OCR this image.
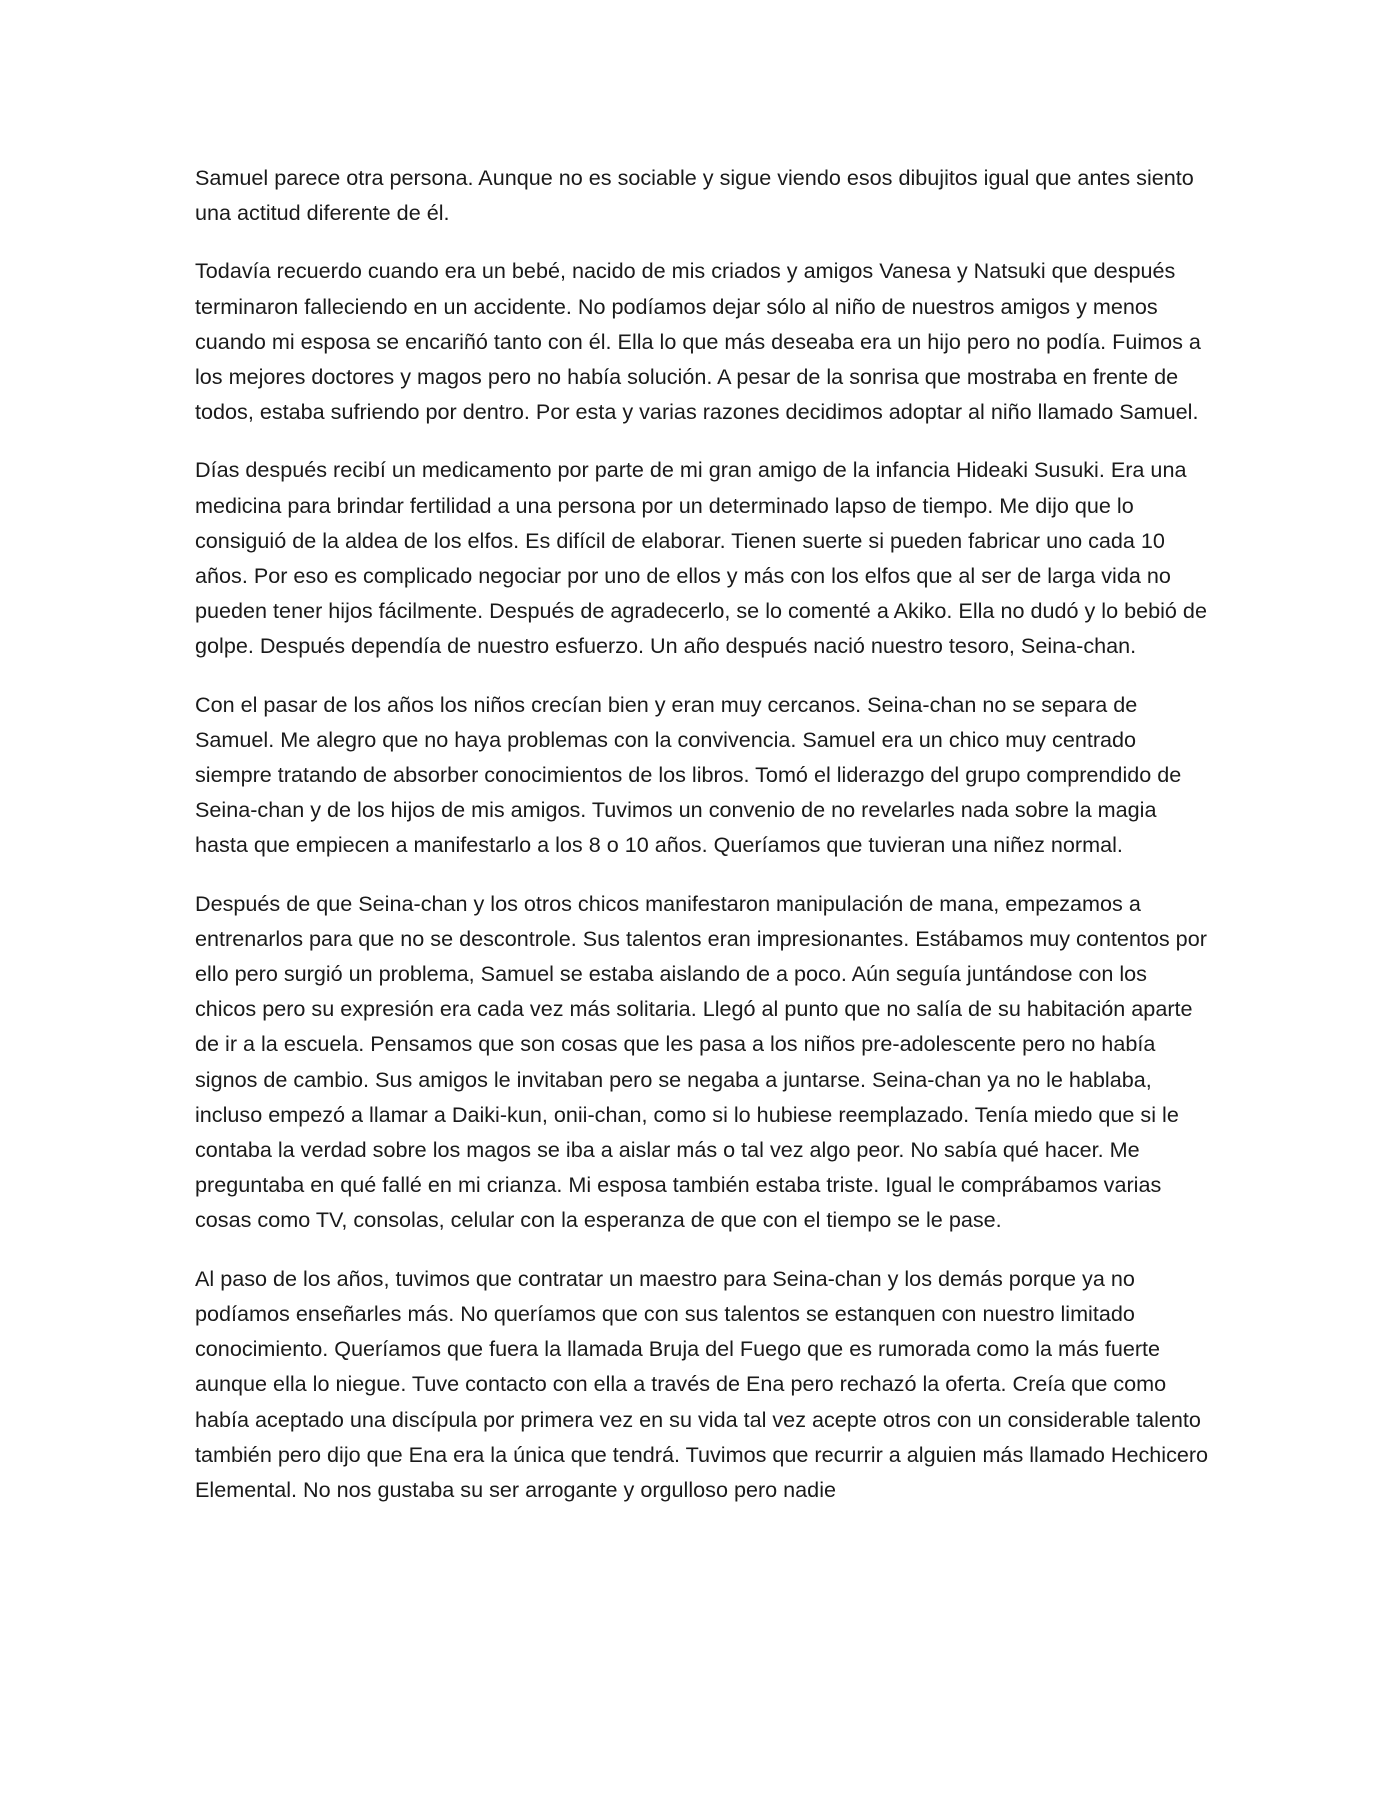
Samuel parece otra persona. Aunque no es sociable y sigue viendo esos dibujitos igual que antes siento una actitud diferente de él.

Todavía recuerdo cuando era un bebé, nacido de mis criados y amigos Vanesa y Natsuki que después terminaron falleciendo en un accidente. No podíamos dejar sólo al niño de nuestros amigos y menos cuando mi esposa se encariñó tanto con él. Ella lo que más deseaba era un hijo pero no podía. Fuimos a los mejores doctores y magos pero no había solución. A pesar de la sonrisa que mostraba en frente de todos, estaba sufriendo por dentro. Por esta y varias razones decidimos adoptar al niño llamado Samuel.

Días después recibí un medicamento por parte de mi gran amigo de la infancia Hideaki Susuki. Era una medicina para brindar fertilidad a una persona por un determinado lapso de tiempo. Me dijo que lo consiguió de la aldea de los elfos. Es difícil de elaborar. Tienen suerte si pueden fabricar uno cada 10 años. Por eso es complicado negociar por uno de ellos y más con los elfos que al ser de larga vida no pueden tener hijos fácilmente. Después de agradecerlo, se lo comenté a Akiko. Ella no dudó y lo bebió de golpe. Después dependía de nuestro esfuerzo. Un año después nació nuestro tesoro, Seina-chan.

Con el pasar de los años los niños crecían bien y eran muy cercanos. Seina-chan no se separa de Samuel. Me alegro que no haya problemas con la convivencia. Samuel era un chico muy centrado siempre tratando de absorber conocimientos de los libros. Tomó el liderazgo del grupo comprendido de Seina-chan y de los hijos de mis amigos. Tuvimos un convenio de no revelarles nada sobre la magia hasta que empiecen a manifestarlo a los 8 o 10 años. Queríamos que tuvieran una niñez normal.

Después de que Seina-chan y los otros chicos manifestaron manipulación de mana, empezamos a entrenarlos para que no se descontrole. Sus talentos eran impresionantes. Estábamos muy contentos por ello pero surgió un problema, Samuel se estaba aislando de a poco. Aún seguía juntándose con los chicos pero su expresión era cada vez más solitaria. Llegó al punto que no salía de su habitación aparte de ir a la escuela. Pensamos que son cosas que les pasa a los niños pre-adolescente pero no había signos de cambio. Sus amigos le invitaban pero se negaba a juntarse. Seina-chan ya no le hablaba, incluso empezó a llamar a Daiki-kun, onii-chan, como si lo hubiese reemplazado. Tenía miedo que si le contaba la verdad sobre los magos se iba a aislar más o tal vez algo peor. No sabía qué hacer. Me preguntaba en qué fallé en mi crianza. Mi esposa también estaba triste. Igual le comprábamos varias cosas como TV, consolas, celular con la esperanza de que con el tiempo se le pase.

Al paso de los años, tuvimos que contratar un maestro para Seina-chan y los demás porque ya no podíamos enseñarles más. No queríamos que con sus talentos se estanquen con nuestro limitado conocimiento. Queríamos que fuera la llamada Bruja del Fuego que es rumorada como la más fuerte aunque ella lo niegue. Tuve contacto con ella a través de Ena pero rechazó la oferta. Creía que como había aceptado una discípula por primera vez en su vida tal vez acepte otros con un considerable talento también pero dijo que Ena era la única que tendrá. Tuvimos que recurrir a alguien más llamado Hechicero Elemental. No nos gustaba su ser arrogante y orgulloso pero nadie
